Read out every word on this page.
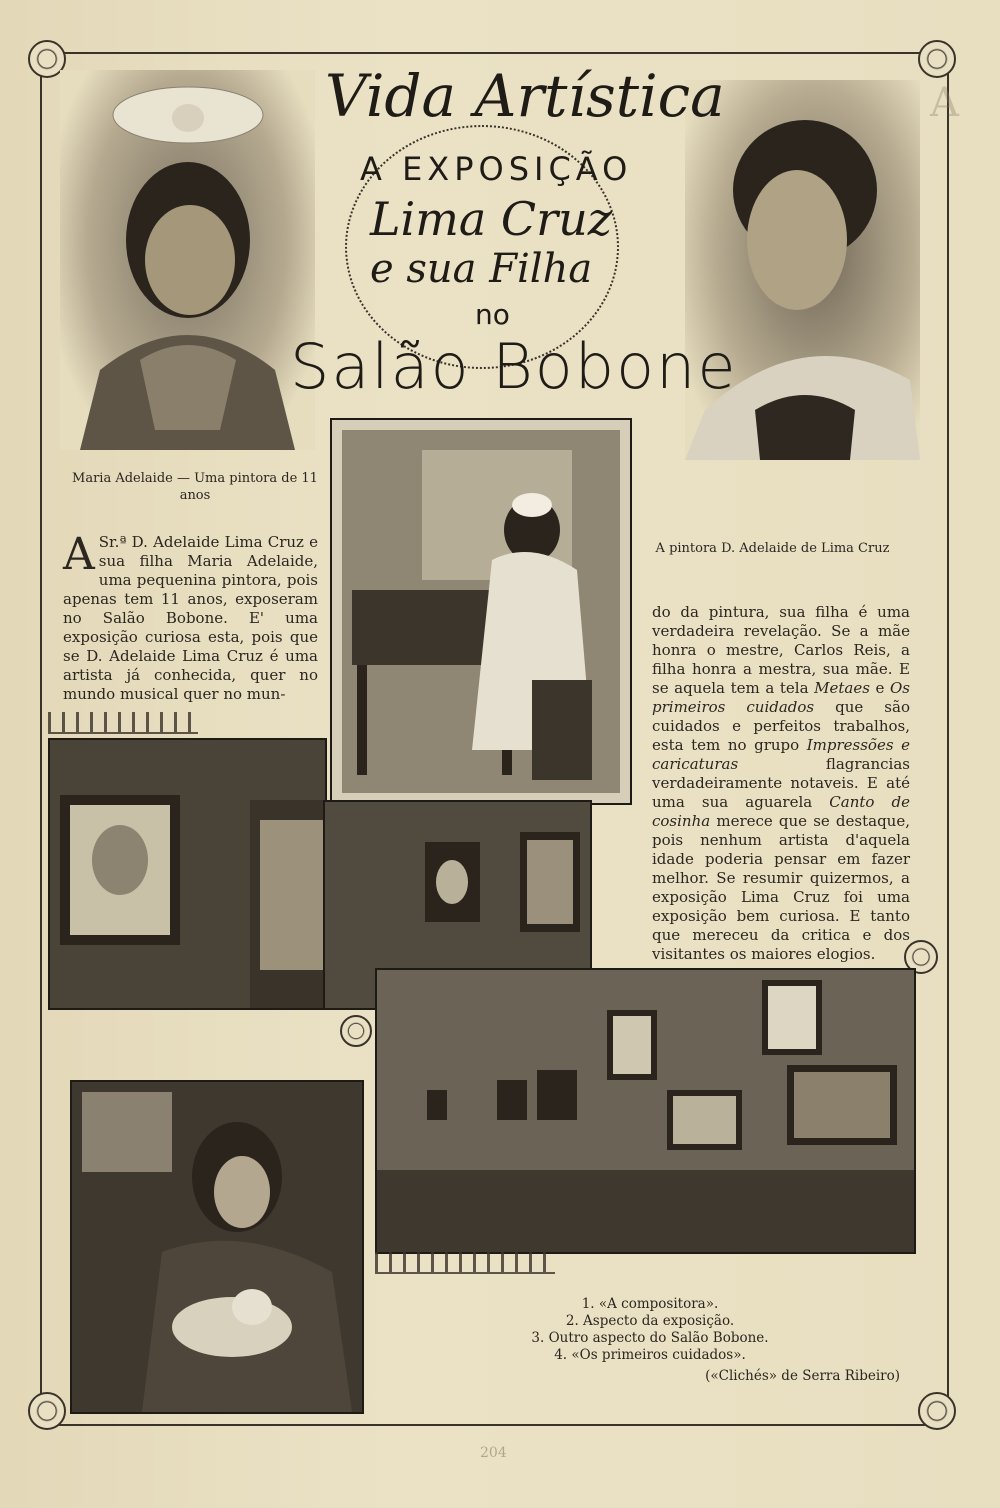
A
Vida Artística
A EXPOSIÇÃO
Lima Cruz
e sua Filha
no
Salão Bobone
Maria Adelaide — Uma pintora de 11 anos
A pintora D. Adelaide de Lima Cruz
A Sr.ª D. Adelaide Lima Cruz e sua filha Maria Adelaide, uma pequenina pintora, pois apenas tem 11 anos, exposeram no Salão Bobone. E' uma exposição curiosa esta, pois que se D. Adelaide Lima Cruz é uma artista já conhecida, quer no mundo musical quer no mun-
do da pintura, sua filha é uma verdadeira revelação. Se a mãe honra o mestre, Carlos Reis, a filha honra a mestra, sua mãe. E se aquela tem a tela Metaes e Os primeiros cuidados que são cuidados e perfeitos trabalhos, esta tem no grupo Impressões e caricaturas flagrancias verdadeiramente notaveis. E até uma sua aguarela Canto de cosinha merece que se destaque, pois nenhum artista d'aquela idade poderia pensar em fazer melhor. Se resumir quizermos, a exposição Lima Cruz foi uma exposição bem curiosa. E tanto que mereceu da critica e dos visitantes os maiores elogios.
1. «A compositora».
2. Aspecto da exposição.
3. Outro aspecto do Salão Bobone.
4. «Os primeiros cuidados».
(«Clichés» de Serra Ribeiro)
204
